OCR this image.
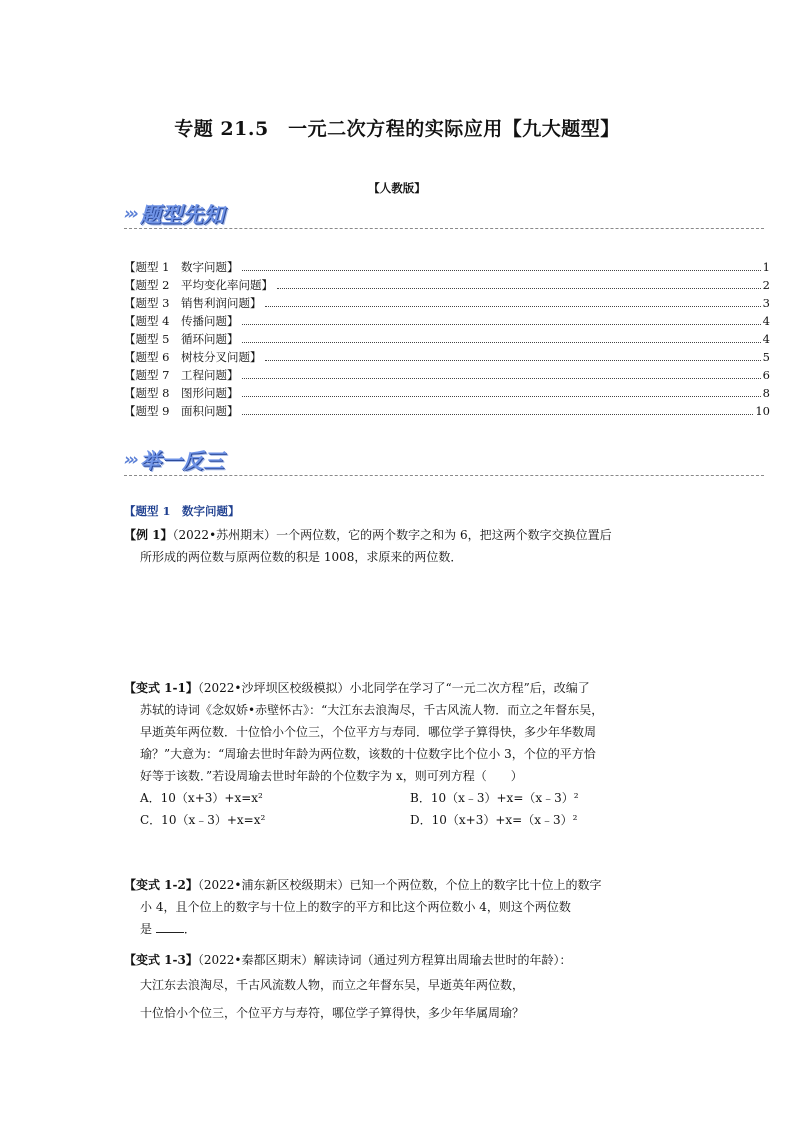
专题 21.5　一元二次方程的实际应用【九大题型】
【人教版】
››› 题型先知
【题型 1　数字问题】	1
【题型 2　平均变化率问题】	2
【题型 3　销售利润问题】	3
【题型 4　传播问题】	4
【题型 5　循环问题】	4
【题型 6　树枝分叉问题】	5
【题型 7　工程问题】	6
【题型 8　图形问题】	8
【题型 9　面积问题】	10
››› 举一反三
【题型 1　数字问题】
【例 1】（2022•苏州期末）一个两位数，它的两个数字之和为 6，把这两个数字交换位置后
所形成的两位数与原两位数的积是 1008，求原来的两位数．
【变式 1-1】（2022•沙坪坝区校级模拟）小北同学在学习了“一元二次方程”后，改编了
苏轼的诗词《念奴娇•赤壁怀古》：“大江东去浪淘尽，千古风流人物．而立之年督东吴，
早逝英年两位数．十位恰小个位三，个位平方与寿同．哪位学子算得快，多少年华数周
瑜？”大意为：“周瑜去世时年龄为两位数，该数的十位数字比个位小 3，个位的平方恰
好等于该数．”若设周瑜去世时年龄的个位数字为 x，则可列方程（　　）
A．10（x+3）+x=x²	B．10（x﹣3）+x=（x﹣3）²
C．10（x﹣3）+x=x²	D．10（x+3）+x=（x﹣3）²
【变式 1-2】（2022•浦东新区校级期末）已知一个两位数，个位上的数字比十位上的数字
小 4，且个位上的数字与十位上的数字的平方和比这个两位数小 4，则这个两位数
是	．
【变式 1-3】（2022•秦都区期末）解读诗词（通过列方程算出周瑜去世时的年龄）：
大江东去浪淘尽，千古风流数人物，而立之年督东吴，早逝英年两位数，
十位恰小个位三，个位平方与寿符，哪位学子算得快，多少年华属周瑜？
